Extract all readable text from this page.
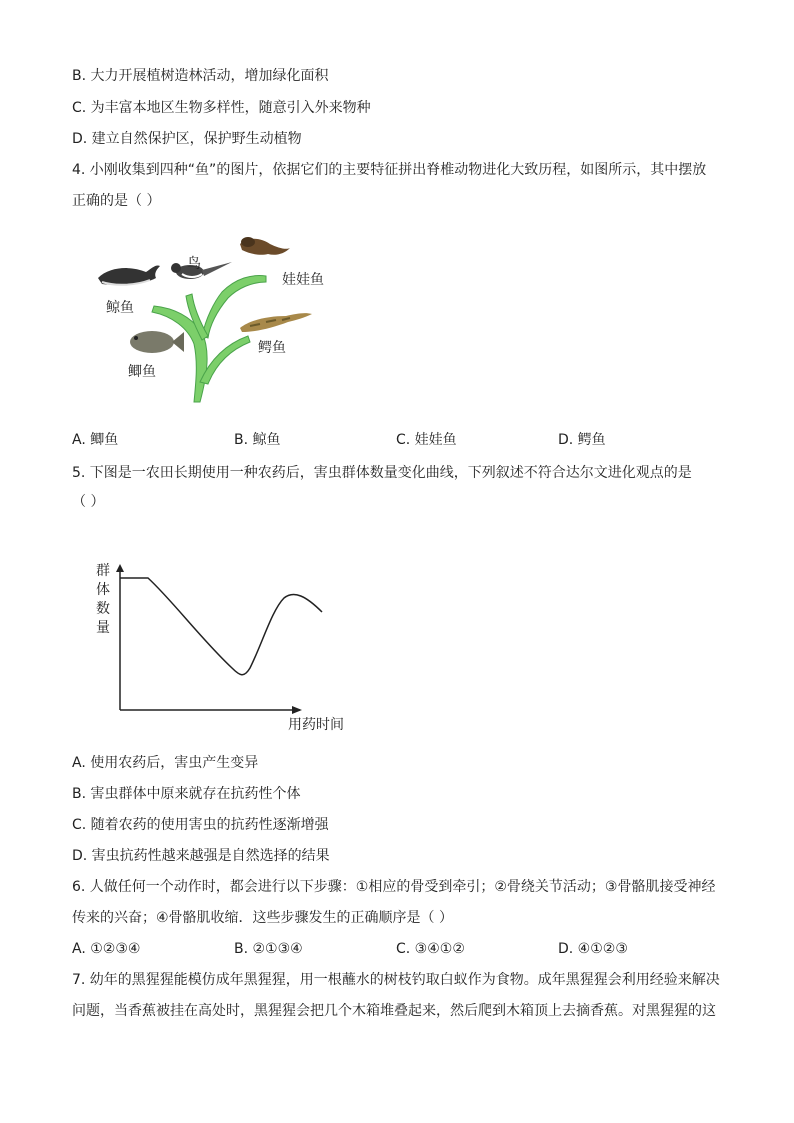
B. 大力开展植树造林活动，增加绿化面积
C. 为丰富本地区生物多样性，随意引入外来物种
D. 建立自然保护区，保护野生动植物
4. 小刚收集到四种“鱼”的图片，依据它们的主要特征拼出脊椎动物进化大致历程，如图所示，其中摆放
正确的是（ ）
鸟
娃娃鱼
鲸鱼
鳄鱼
鲫鱼
A. 鲫鱼	B. 鲸鱼	C. 娃娃鱼	D. 鳄鱼
5. 下图是一农田长期使用一种农药后，害虫群体数量变化曲线，下列叙述不符合达尔文进化观点的是
（ ）
群
体
数
量
用药时间
A. 使用农药后，害虫产生变异
B. 害虫群体中原来就存在抗药性个体
C. 随着农药的使用害虫的抗药性逐渐增强
D. 害虫抗药性越来越强是自然选择的结果
6. 人做任何一个动作时，都会进行以下步骤：①相应的骨受到牵引；②骨绕关节活动；③骨骼肌接受神经
传来的兴奋；④骨骼肌收缩．这些步骤发生的正确顺序是（ ）
A. ①②③④	B. ②①③④	C. ③④①②	D. ④①②③
7. 幼年的黑猩猩能模仿成年黑猩猩，用一根蘸水的树枝钓取白蚁作为食物。成年黑猩猩会利用经验来解决
问题，当香蕉被挂在高处时，黑猩猩会把几个木箱堆叠起来，然后爬到木箱顶上去摘香蕉。对黑猩猩的这
